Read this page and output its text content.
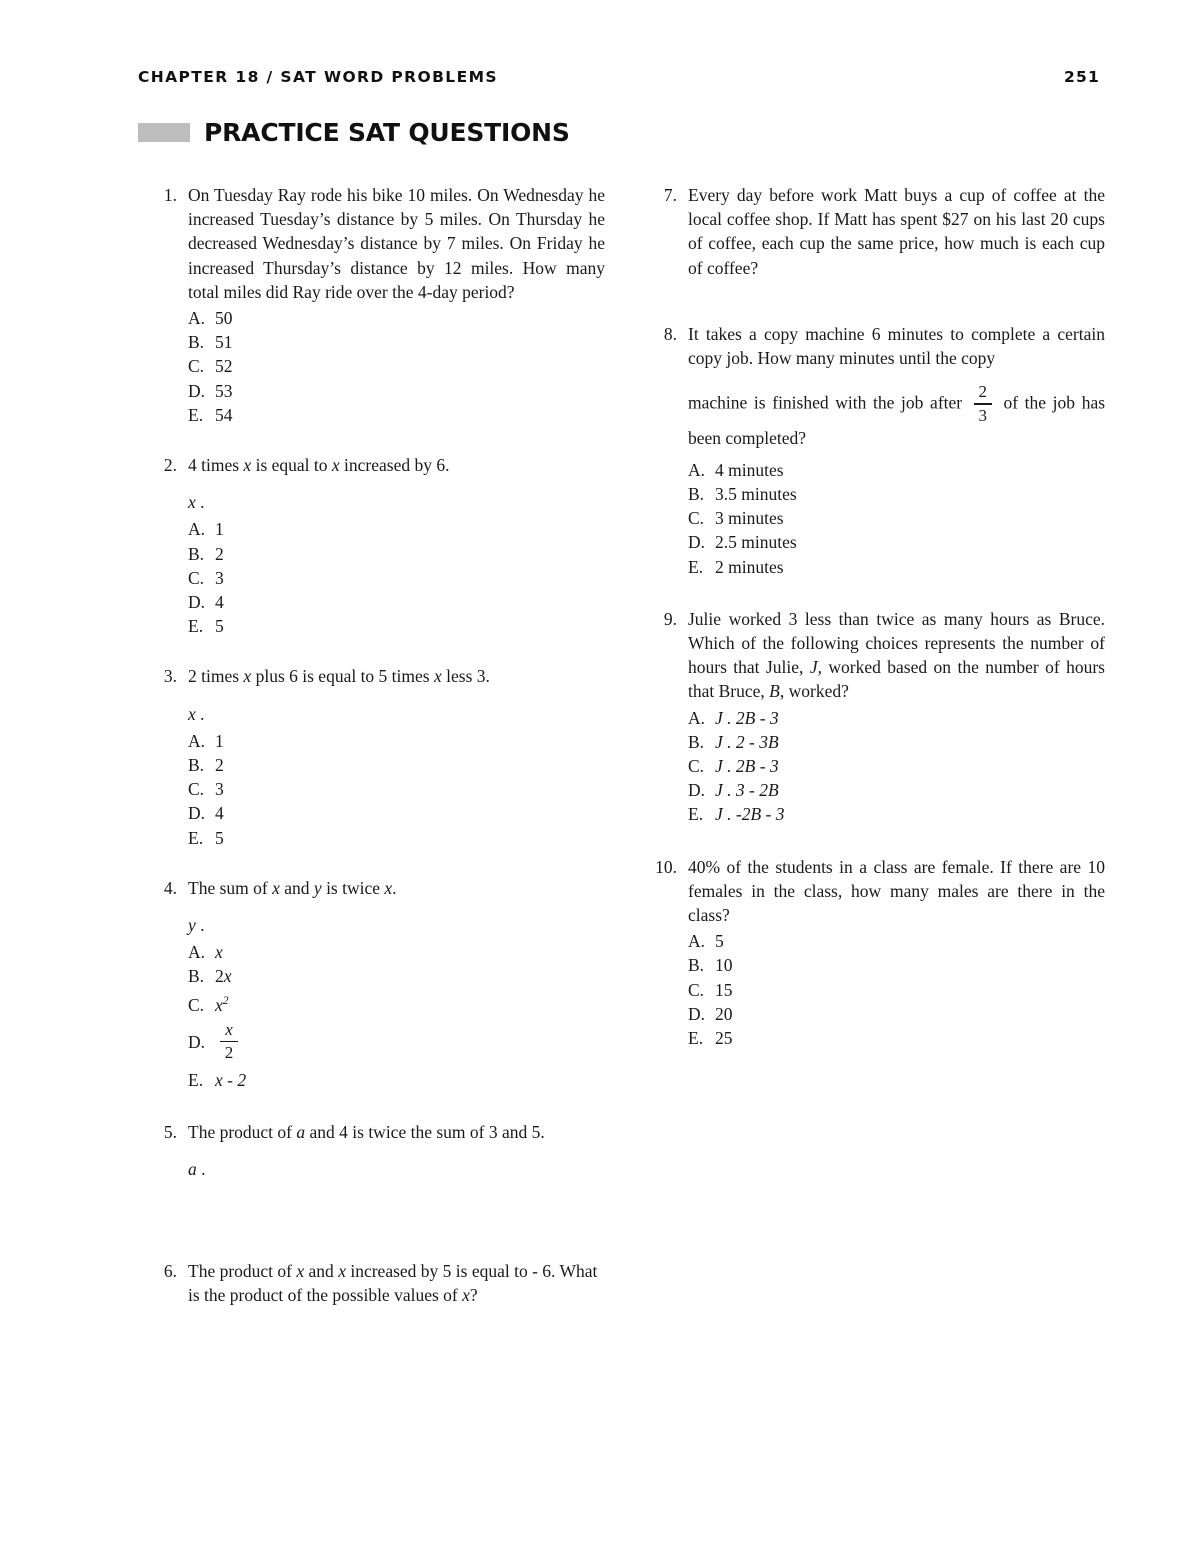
CHAPTER 18 / SAT WORD PROBLEMS	251
PRACTICE SAT QUESTIONS
1. On Tuesday Ray rode his bike 10 miles. On Wednesday he increased Tuesday’s distance by 5 miles. On Thursday he decreased Wednesday’s distance by 7 miles. On Friday he increased Thursday’s distance by 12 miles. How many total miles did Ray ride over the 4-day period?
A. 50
B. 51
C. 52
D. 53
E. 54
2. 4 times x is equal to x increased by 6.
x .
A. 1
B. 2
C. 3
D. 4
E. 5
3. 2 times x plus 6 is equal to 5 times x less 3.
x .
A. 1
B. 2
C. 3
D. 4
E. 5
4. The sum of x and y is twice x.
y .
A. x
B. 2x
C. $x^2$
D. $\frac{x}{2}$
E. x - 2
5. The product of a and 4 is twice the sum of 3 and 5.
a .
6. The product of x and x increased by 5 is equal to - 6. What is the product of the possible values of x?
7. Every day before work Matt buys a cup of coffee at the local coffee shop. If Matt has spent $27 on his last 20 cups of coffee, each cup the same price, how much is each cup of coffee?
8. It takes a copy machine 6 minutes to complete a certain copy job. How many minutes until the copy
machine is finished with the job after $\frac{2}{3}$ of the job has been completed?
A. 4 minutes
B. 3.5 minutes
C. 3 minutes
D. 2.5 minutes
E. 2 minutes
9. Julie worked 3 less than twice as many hours as Bruce. Which of the following choices represents the number of hours that Julie, J, worked based on the number of hours that Bruce, B, worked?
A. J . 2B - 3
B. J . 2 - 3B
C. J . 2B - 3
D. J . 3 - 2B
E. J . -2B - 3
10. 40% of the students in a class are female. If there are 10 females in the class, how many males are there in the class?
A. 5
B. 10
C. 15
D. 20
E. 25
